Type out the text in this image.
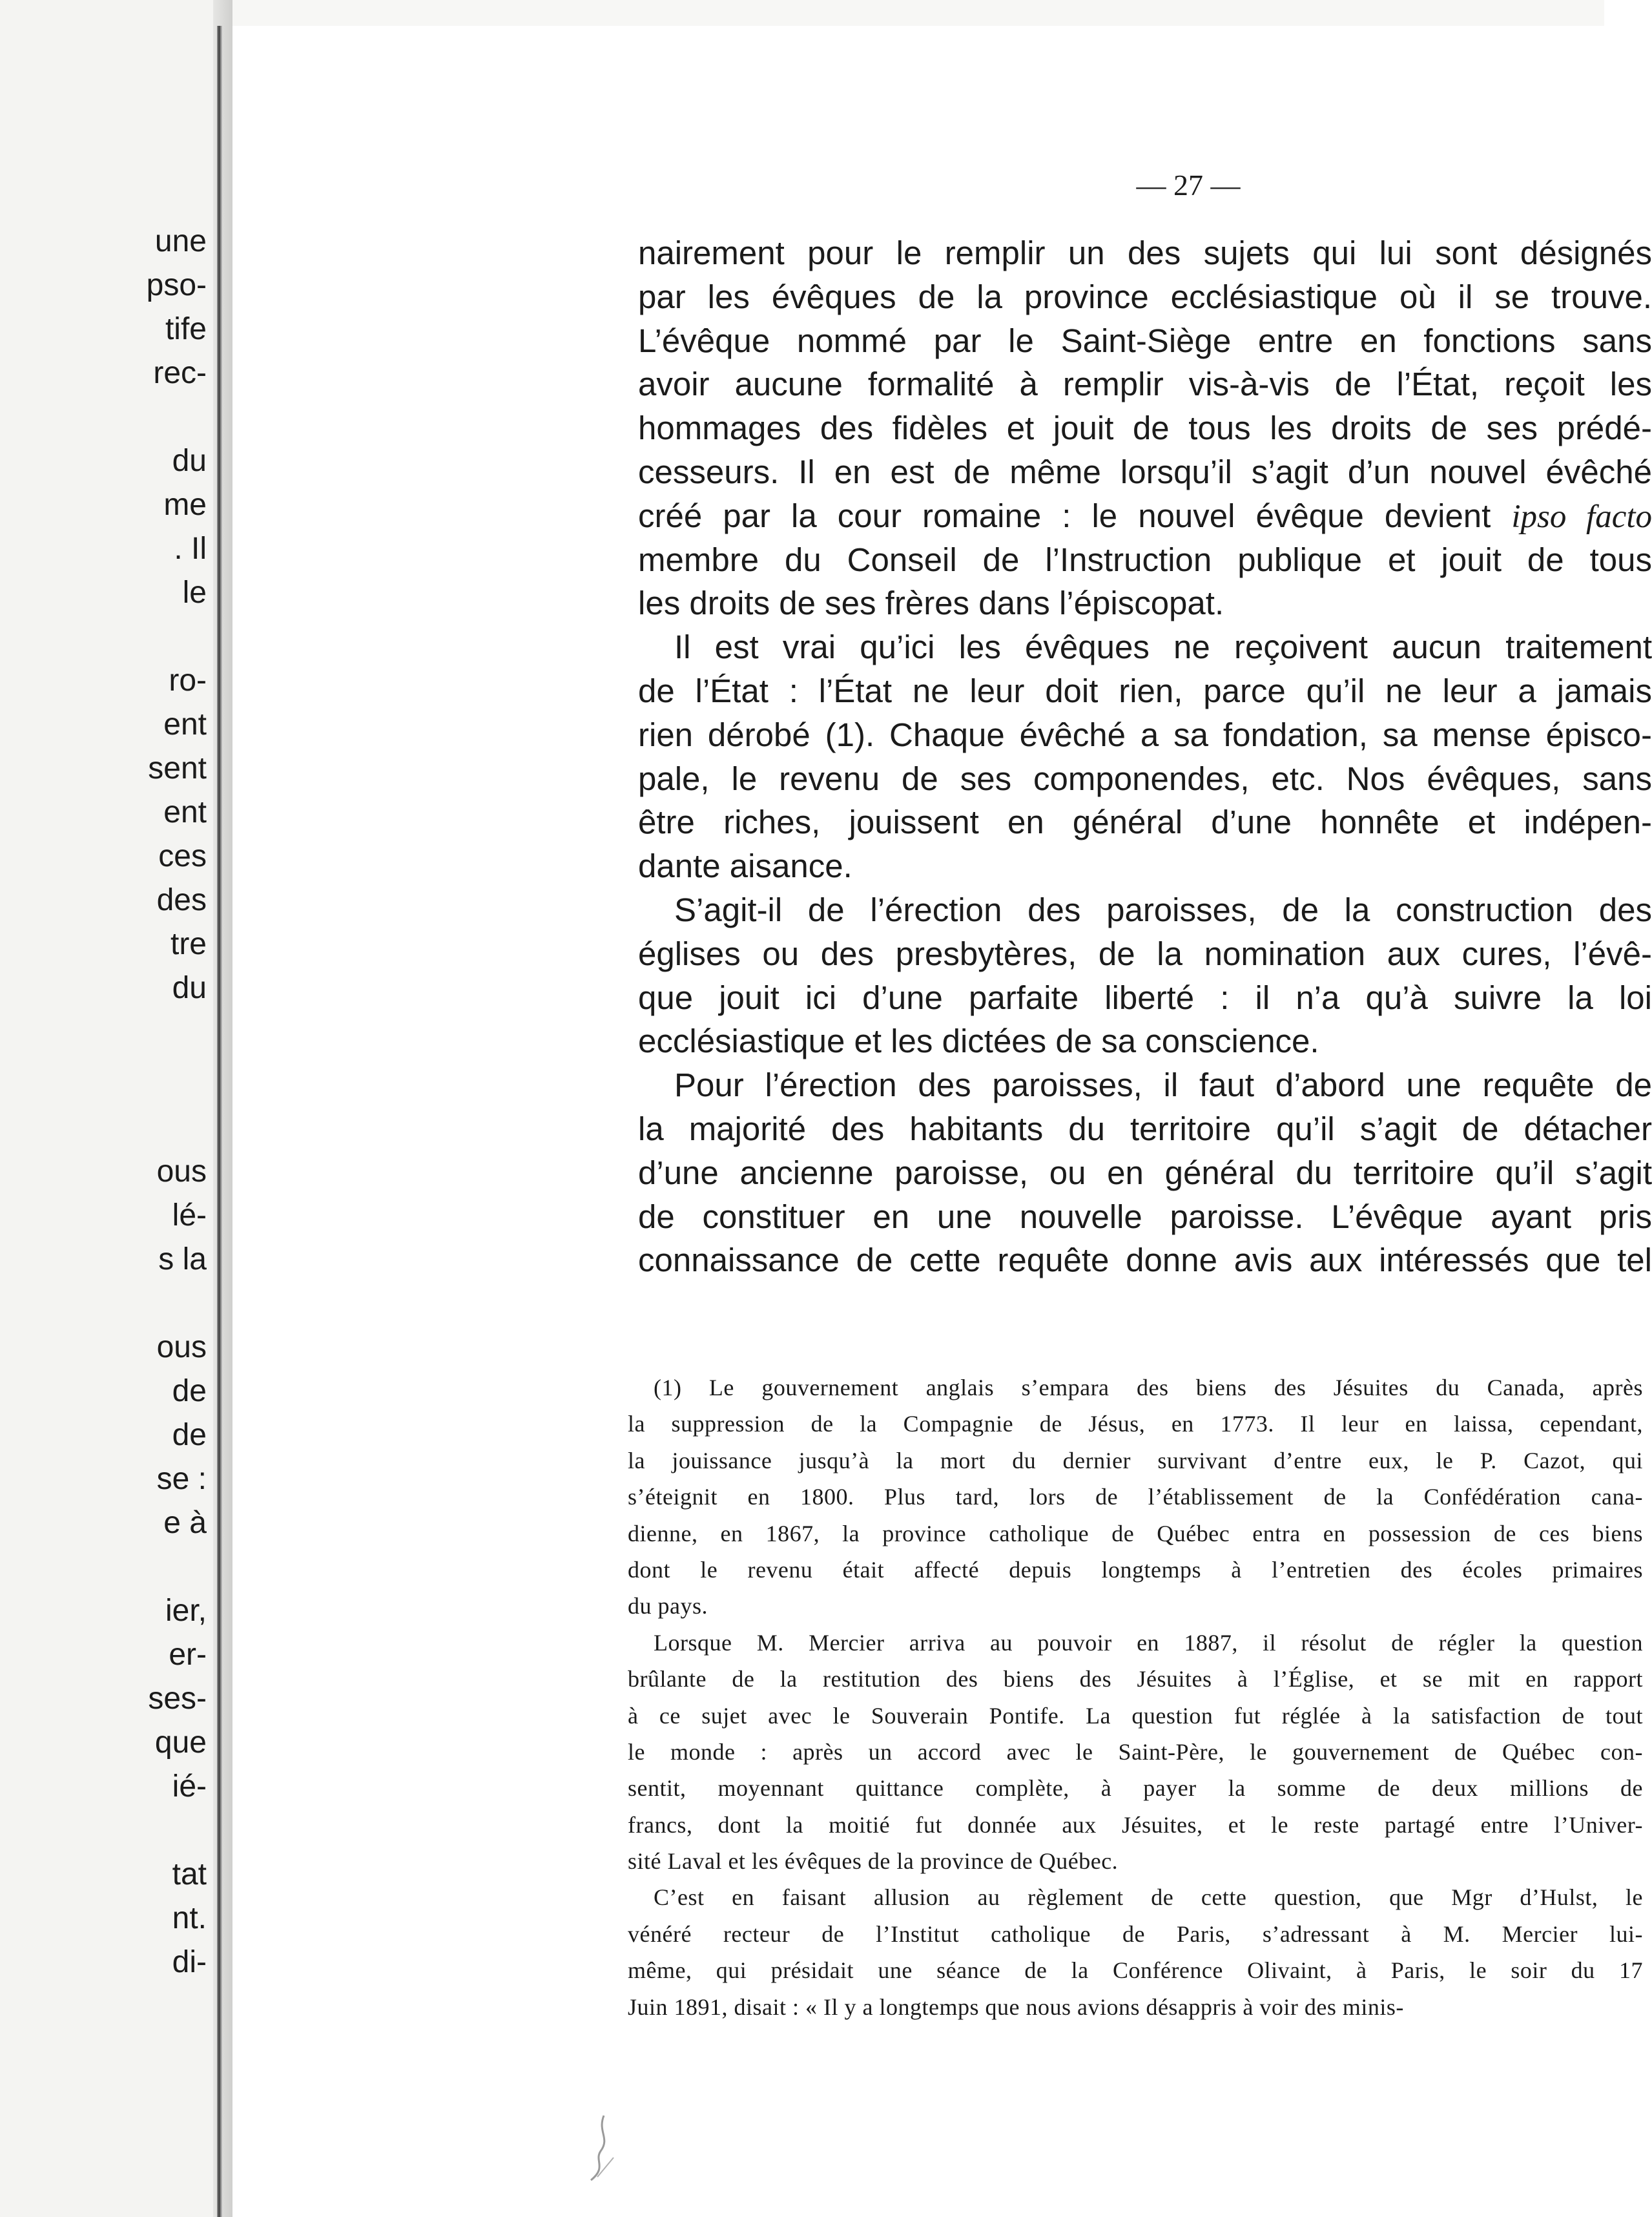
une
pso-
tife
rec-
du
me
. Il
le
ro-
ent
sent
ent
ces
des
tre
du
ous
lé-
s la
ous
de
de
se :
e à
ier,
er-
ses-
que
ié-
tat
nt.
di-
— 27 —
nairement pour le remplir un des sujets qui lui sont désignés
par les évêques de la province ecclésiastique où il se trouve.
L’évêque nommé par le Saint-Siège entre en fonctions sans
avoir aucune formalité à remplir vis-à-vis de l’État, reçoit les
hommages des fidèles et jouit de tous les droits de ses prédé-
cesseurs. Il en est de même lorsqu’il s’agit d’un nouvel évêché
créé par la cour romaine : le nouvel évêque devient ipso facto
membre du Conseil de l’Instruction publique et jouit de tous
les droits de ses frères dans l’épiscopat.
Il est vrai qu’ici les évêques ne reçoivent aucun traitement
de l’État : l’État ne leur doit rien, parce qu’il ne leur a jamais
rien dérobé (1). Chaque évêché a sa fondation, sa mense épisco-
pale, le revenu de ses componendes, etc. Nos évêques, sans
être riches, jouissent en général d’une honnête et indépen-
dante aisance.
S’agit-il de l’érection des paroisses, de la construction des
églises ou des presbytères, de la nomination aux cures, l’évê-
que jouit ici d’une parfaite liberté : il n’a qu’à suivre la loi
ecclésiastique et les dictées de sa conscience.
Pour l’érection des paroisses, il faut d’abord une requête de
la majorité des habitants du territoire qu’il s’agit de détacher
d’une ancienne paroisse, ou en général du territoire qu’il s’agit
de constituer en une nouvelle paroisse. L’évêque ayant pris
connaissance de cette requête donne avis aux intéressés que tel
(1) Le gouvernement anglais s’empara des biens des Jésuites du Canada, après
la suppression de la Compagnie de Jésus, en 1773. Il leur en laissa, cependant,
la jouissance jusqu’à la mort du dernier survivant d’entre eux, le P. Cazot, qui
s’éteignit en 1800. Plus tard, lors de l’établissement de la Confédération cana-
dienne, en 1867, la province catholique de Québec entra en possession de ces biens
dont le revenu était affecté depuis longtemps à l’entretien des écoles primaires
du pays.
Lorsque M. Mercier arriva au pouvoir en 1887, il résolut de régler la question
brûlante de la restitution des biens des Jésuites à l’Église, et se mit en rapport
à ce sujet avec le Souverain Pontife. La question fut réglée à la satisfaction de tout
le monde : après un accord avec le Saint-Père, le gouvernement de Québec con-
sentit, moyennant quittance complète, à payer la somme de deux millions de
francs, dont la moitié fut donnée aux Jésuites, et le reste partagé entre l’Univer-
sité Laval et les évêques de la province de Québec.
C’est en faisant allusion au règlement de cette question, que Mgr d’Hulst, le
vénéré recteur de l’Institut catholique de Paris, s’adressant à M. Mercier lui-
même, qui présidait une séance de la Conférence Olivaint, à Paris, le soir du 17
Juin 1891, disait : « Il y a longtemps que nous avions désappris à voir des minis-
